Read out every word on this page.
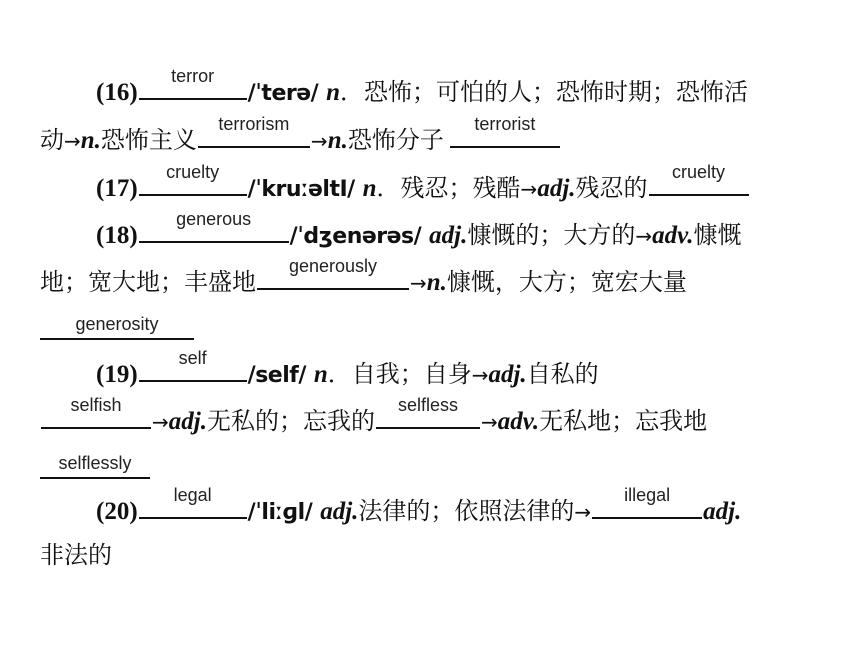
(16)
terror
/ˈterə/ n．恐怖；可怕的人；恐怖时期；恐怖活
动→n.恐怖主义
terrorism
→n.恐怖分子
terrorist
(17)
cruelty
/ˈkruːəltI/ n．残忍；残酷→adj.残忍的
cruelty
(18)
generous
/ˈdʒenərəs/ adj.慷慨的；大方的→adv.慷慨
地；宽大地；丰盛地
generously
→n.慷慨，大方；宽宏大量
generosity
(19)
self
/self/ n．自我；自身→adj.自私的
selfish
→adj.无私的；忘我的
selfless
→adv.无私地；忘我地
selflessly
(20)
legal
/ˈliːɡl/ adj.法律的；依照法律的→
illegal
adj.
非法的
